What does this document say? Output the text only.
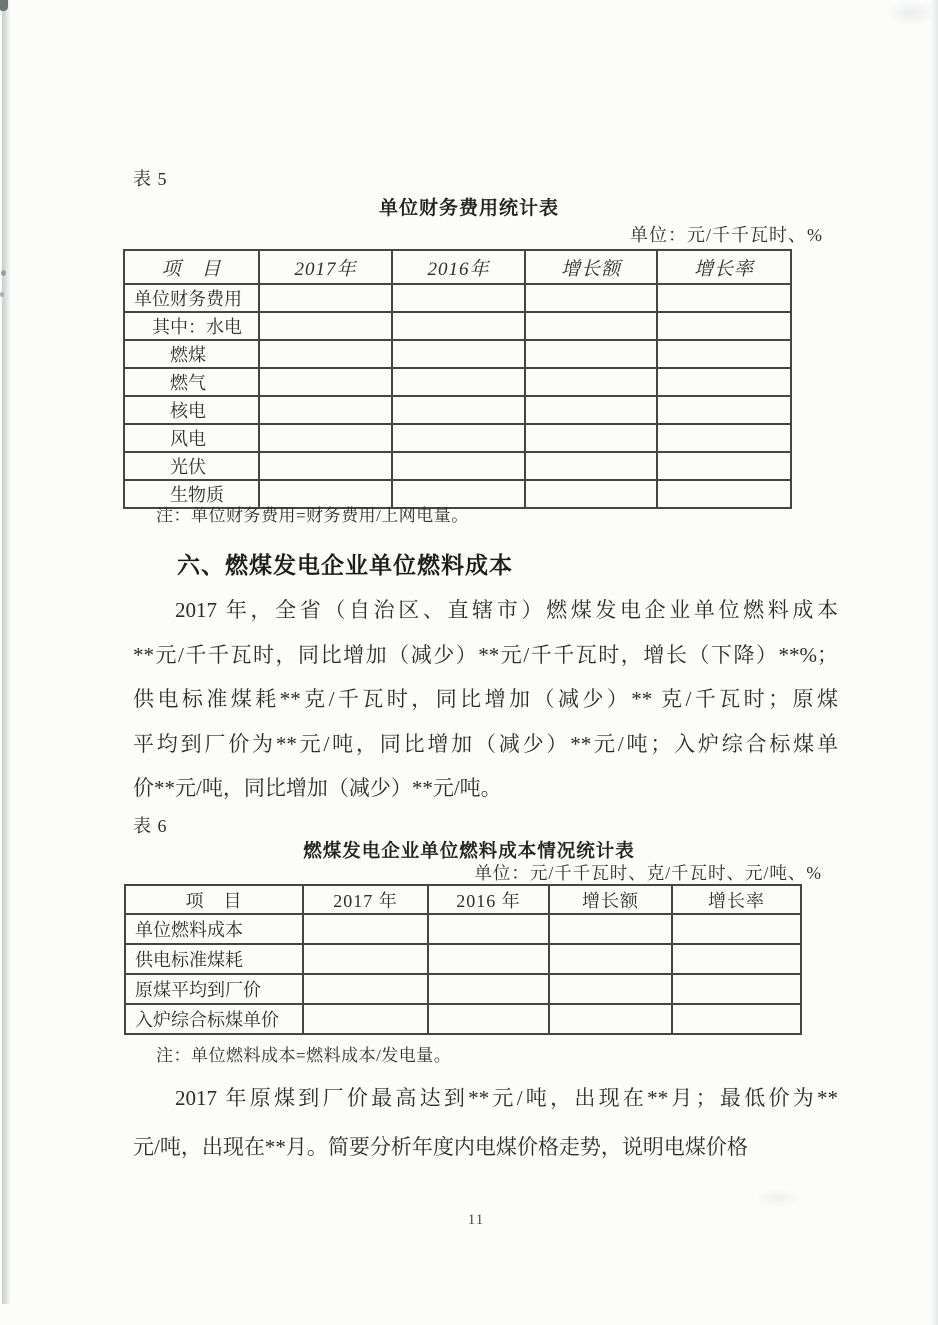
表 5
单位财务费用统计表
单位：元/千千瓦时、%
项　目	2017年	2016年	增长额	增长率
单位财务费用				
　其中：水电				
　　燃煤				
　　燃气				
　　核电				
　　风电				
　　光伏				
　　生物质				
注：单位财务费用=财务费用/上网电量。
六、燃煤发电企业单位燃料成本
2017 年，全省（自治区、直辖市）燃煤发电企业单位燃料成本
**元/千千瓦时，同比增加（减少）**元/千千瓦时，增长（下降）**%；
供电标准煤耗**克/千瓦时，同比增加（减少）** 克/千瓦时；原煤
平均到厂价为**元/吨，同比增加（减少）**元/吨；入炉综合标煤单
价**元/吨，同比增加（减少）**元/吨。
表 6
燃煤发电企业单位燃料成本情况统计表
单位：元/千千瓦时、克/千瓦时、元/吨、%
项　目	2017 年	2016 年	增长额	增长率
单位燃料成本				
供电标准煤耗				
原煤平均到厂价				
入炉综合标煤单价				
注：单位燃料成本=燃料成本/发电量。
2017 年原煤到厂价最高达到**元/吨，出现在**月；最低价为**
元/吨，出现在**月。简要分析年度内电煤价格走势，说明电煤价格
11
